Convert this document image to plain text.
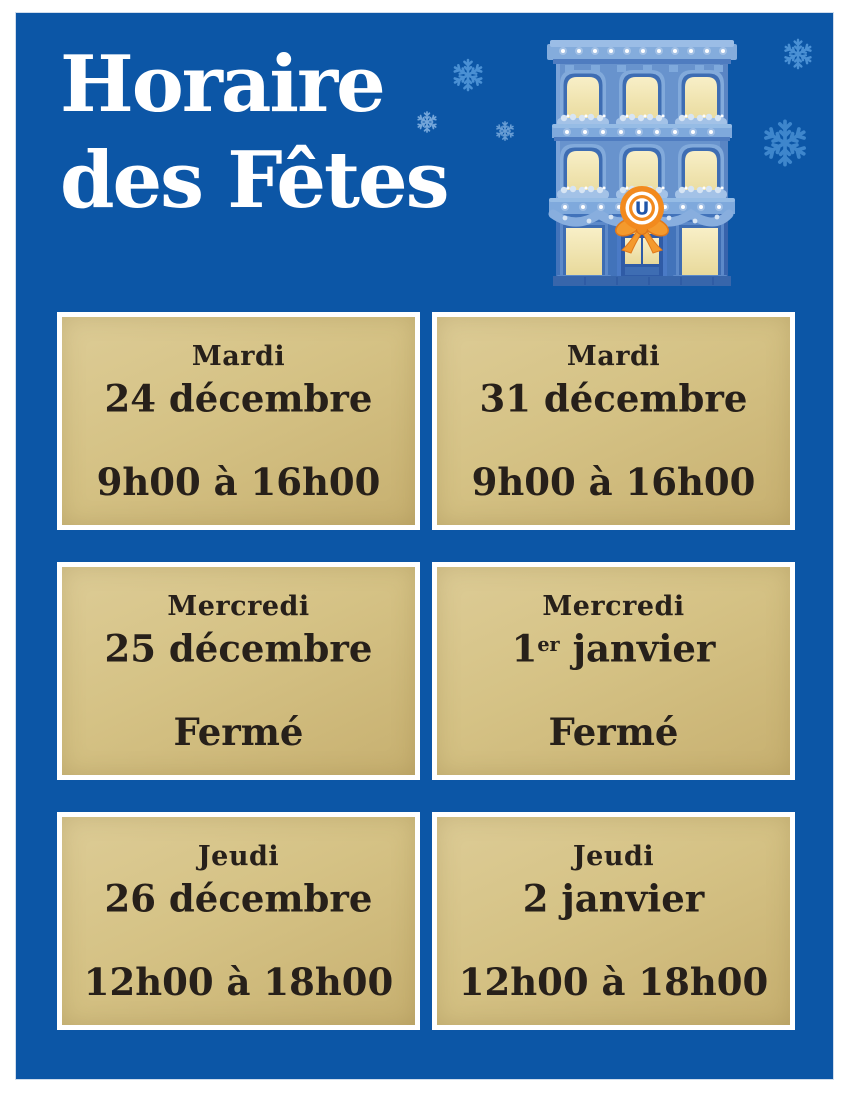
Horaire
des Fêtes	U
Mardi
24 décembre
9h00 à 16h00
Mardi
31 décembre
9h00 à 16h00
Mercredi
25 décembre
Fermé
Mercredi
1er janvier
Fermé
Jeudi
26 décembre
12h00 à 18h00
Jeudi
2 janvier
12h00 à 18h00
